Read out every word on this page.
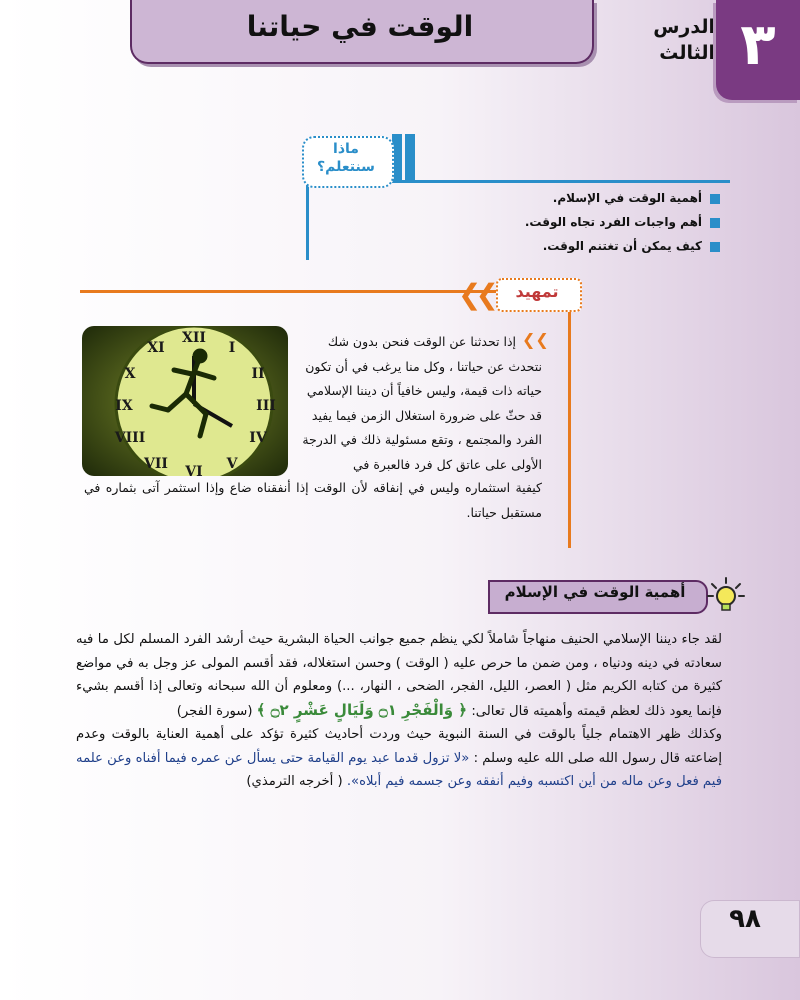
الوقت في حياتنا	الدرس
الثالث ٣
ماذا
سنتعلم؟
أهمية الوقت في الإسلام.
أهم واجبات الفرد تجاه الوقت.
كيف يمكن أن تغتنم الوقت.
❮❮	تمهيد
XII
I
II
III
IV
V
VI
VII
VIII
IX
X
XI	❮❮
إذا تحدثنا عن الوقت فنحن بدون شك نتحدث عن حياتنا ، وكل منا يرغب في أن تكون حياته ذات قيمة، وليس خافياً أن ديننا الإسلامي قد حثّ على ضرورة استغلال الزمن فيما يفيد الفرد والمجتمع ، وتقع مسئولية ذلك في الدرجة الأولى على عاتق كل فرد فالعبرة في
كيفية استثماره وليس في إنفاقه لأن الوقت إذا أنفقناه ضاع وإذا استثمر آتى بثماره في مستقبل حياتنا.
أهمية الوقت في الإسلام

لقد جاء ديننا الإسلامي الحنيف منهاجاً شاملاً لكي ينظم جميع جوانب الحياة البشرية حيث أرشد الفرد المسلم لكل ما فيه سعادته في دينه ودنياه ، ومن ضمن ما حرص عليه ( الوقت ) وحسن استغلاله، فقد أقسم المولى عز وجل به في مواضع كثيرة من كتابه الكريم مثل ( العصر، الليل، الفجر، الضحى ، النهار، ...) ومعلوم أن الله سبحانه وتعالى إذا أقسم بشيء فإنما يعود ذلك لعظم قيمته وأهميته قال تعالى: ﴿ وَالْفَجْرِ ۝١ وَلَيَالٍ عَشْرٍ ۝٢ ﴾ (سورة الفجر)

وكذلك ظهر الاهتمام جلياً بالوقت في السنة النبوية حيث وردت أحاديث كثيرة تؤكد على أهمية العناية بالوقت وعدم إضاعته قال رسول الله صلى الله عليه وسلم : «لا تزول قدما عبد يوم القيامة حتى يسأل عن عمره فيما أفناه وعن علمه فيم فعل وعن ماله من أين اكتسبه وفيم أنفقه وعن جسمه فيم أبلاه». ( أخرجه الترمذي)

٩٨
